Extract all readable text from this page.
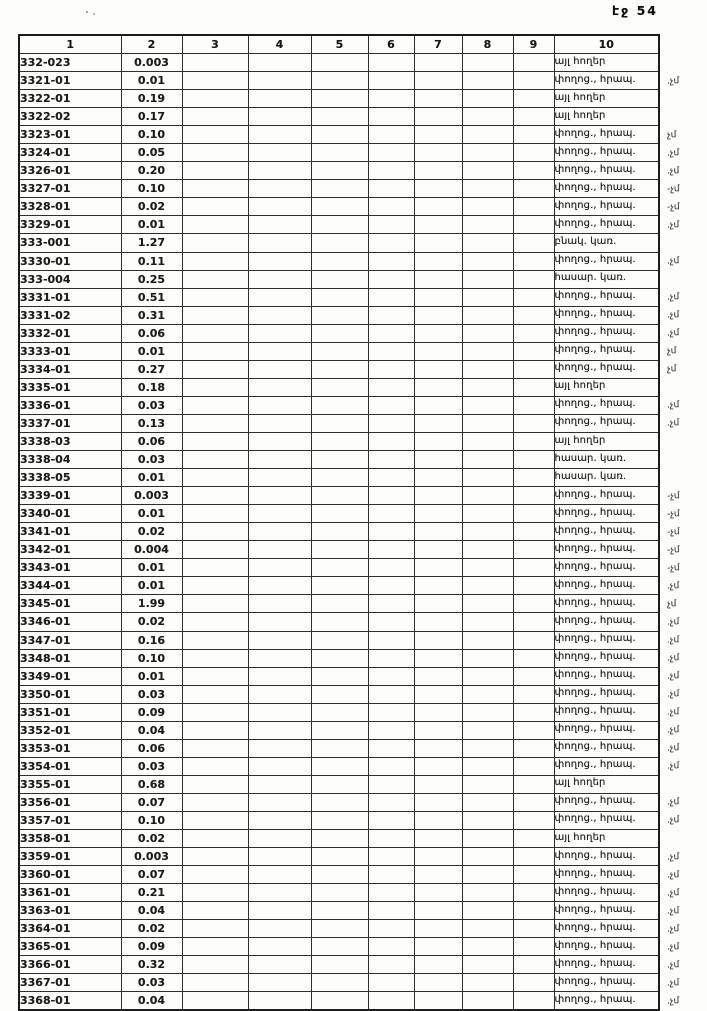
էջ 54
1	2	3	4	5	6	7	8	9	10
332-023	0.003								այլ հողեր
3321-01	0.01								փողոց., հրապ. .չմ

3322-01	0.19								այլ հողեր
3322-02	0.17								այլ հողեր
3323-01	0.10								փողոց., հրապ. չմ

3324-01	0.05								փողոց., հրապ. .չմ

3326-01	0.20								փողոց., հրապ. .չմ

3327-01	0.10								փողոց., հրապ. -չմ

3328-01	0.02								փողոց., հրապ. -չմ

3329-01	0.01								փողոց., հրապ. .չմ

333-001	1.27								բնակ. կառ.
3330-01	0.11								փողոց., հրապ. .չմ

333-004	0.25								հասար. կառ.
3331-01	0.51								փողոց., հրապ. .չմ

3331-02	0.31								փողոց., հրապ. .չմ

3332-01	0.06								փողոց., հրապ. .չմ

3333-01	0.01								փողոց., հրապ. չմ

3334-01	0.27								փողոց., հրապ. չմ

3335-01	0.18								այլ հողեր
3336-01	0.03								փողոց., հրապ. .չմ

3337-01	0.13								փողոց., հրապ. .չմ

3338-03	0.06								այլ հողեր
3338-04	0.03								հասար. կառ.
3338-05	0.01								հասար. կառ.
3339-01	0.003								փողոց., հրապ. -չմ

3340-01	0.01								փողոց., հրապ. -չմ

3341-01	0.02								փողոց., հրապ. -չմ

3342-01	0.004								փողոց., հրապ. -չմ

3343-01	0.01								փողոց., հրապ. -չմ

3344-01	0.01								փողոց., հրապ. .չմ

3345-01	1.99								փողոց., հրապ. չմ

3346-01	0.02								փողոց., հրապ. .չմ

3347-01	0.16								փողոց., հրապ. .չմ

3348-01	0.10								փողոց., հրապ. .չմ

3349-01	0.01								փողոց., հրապ. .չմ

3350-01	0.03								փողոց., հրապ. .չմ

3351-01	0.09								փողոց., հրապ. .չմ

3352-01	0.04								փողոց., հրապ. .չմ

3353-01	0.06								փողոց., հրապ. .չմ

3354-01	0.03								փողոց., հրապ. .չմ

3355-01	0.68								այլ հողեր
3356-01	0.07								փողոց., հրապ. .չմ

3357-01	0.10								փողոց., հրապ. .չմ

3358-01	0.02								այլ հողեր
3359-01	0.003								փողոց., հրապ. .չմ

3360-01	0.07								փողոց., հրապ. .չմ

3361-01	0.21								փողոց., հրապ. .չմ

3363-01	0.04								փողոց., հրապ. .չմ

3364-01	0.02								փողոց., հրապ. .չմ

3365-01	0.09								փողոց., հրապ. .չմ

3366-01	0.32								փողոց., հրապ. .չմ

3367-01	0.03								փողոց., հրապ. .չմ

3368-01	0.04								փողոց., հրապ. .չմ
